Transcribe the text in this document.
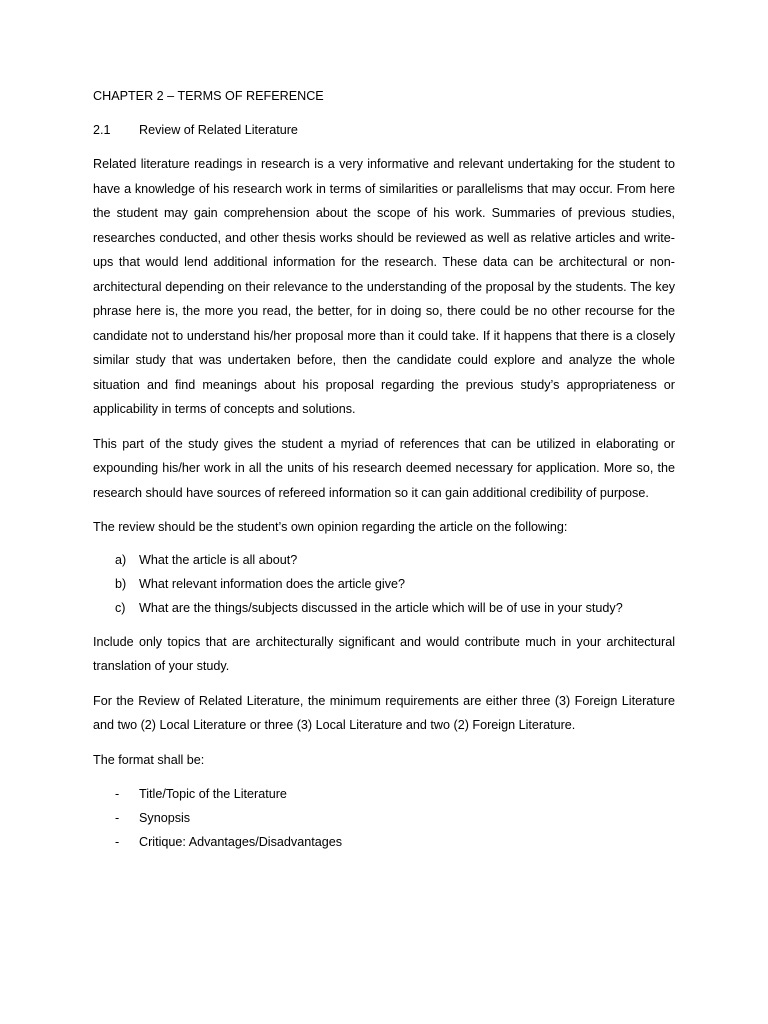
CHAPTER 2 – TERMS OF REFERENCE
2.1	Review of Related Literature

Related literature readings in research is a very informative and relevant undertaking for the student to have a knowledge of his research work in terms of similarities or parallelisms that may occur. From here the student may gain comprehension about the scope of his work. Summaries of previous studies, researches conducted, and other thesis works should be reviewed as well as relative articles and write-ups that would lend additional information for the research. These data can be architectural or non-architectural depending on their relevance to the understanding of the proposal by the students. The key phrase here is, the more you read, the better, for in doing so, there could be no other recourse for the candidate not to understand his/her proposal more than it could take. If it happens that there is a closely similar study that was undertaken before, then the candidate could explore and analyze the whole situation and find meanings about his proposal regarding the previous study’s appropriateness or applicability in terms of concepts and solutions.

This part of the study gives the student a myriad of references that can be utilized in elaborating or expounding his/her work in all the units of his research deemed necessary for application. More so, the research should have sources of refereed information so it can gain additional credibility of purpose.

The review should be the student’s own opinion regarding the article on the following:

a)	What the article is all about?
b)	What relevant information does the article give?
c)	What are the things/subjects discussed in the article which will be of use in your study?

Include only topics that are architecturally significant and would contribute much in your architectural translation of your study.

For the Review of Related Literature, the minimum requirements are either three (3) Foreign Literature and two (2) Local Literature or three (3) Local Literature and two (2) Foreign Literature.

The format shall be:

-	Title/Topic of the Literature
-	Synopsis
-	Critique: Advantages/Disadvantages
